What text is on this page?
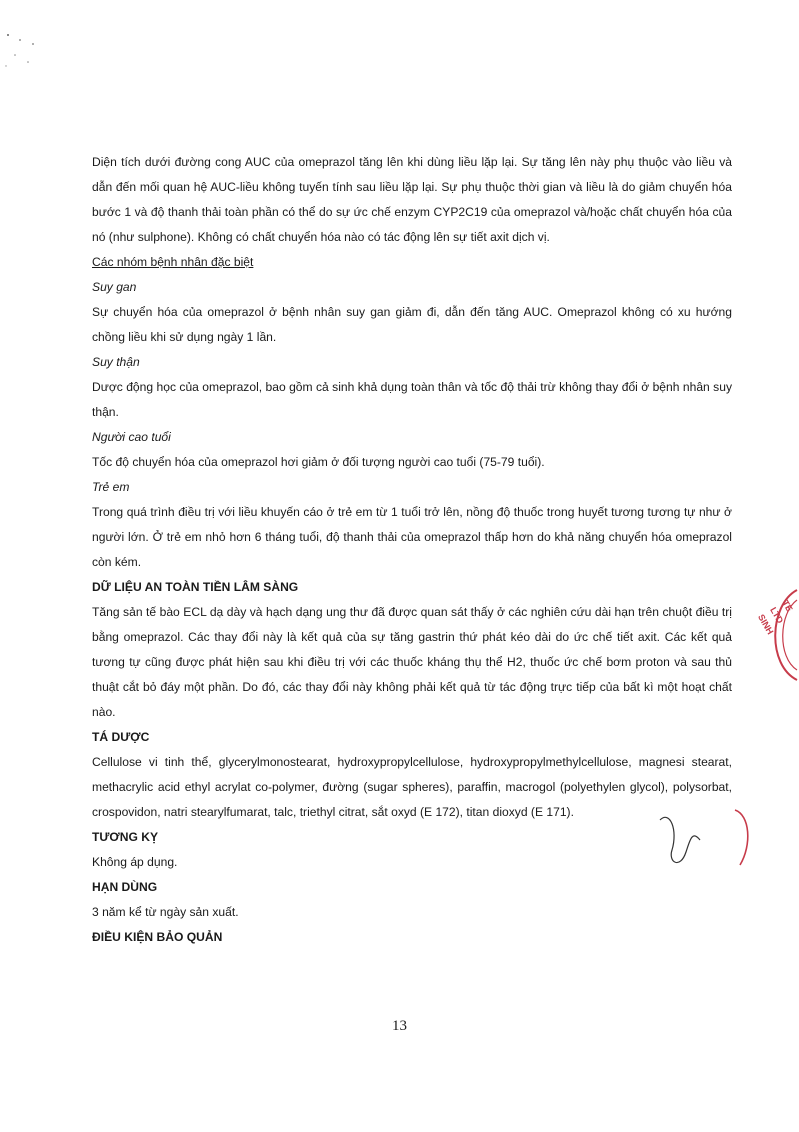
Diện tích dưới đường cong AUC của omeprazol tăng lên khi dùng liều lặp lại. Sự tăng lên này phụ thuộc vào liều và dẫn đến mối quan hệ AUC-liều không tuyến tính sau liều lặp lại. Sự phụ thuộc thời gian và liều là do giảm chuyển hóa bước 1 và độ thanh thải toàn phần có thể do sự ức chế enzym CYP2C19 của omeprazol và/hoặc chất chuyển hóa của nó (như sulphone). Không có chất chuyển hóa nào có tác động lên sự tiết axit dịch vị.

Các nhóm bệnh nhân đặc biệt

Suy gan

Sự chuyển hóa của omeprazol ở bệnh nhân suy gan giảm đi, dẫn đến tăng AUC. Omeprazol không có xu hướng chồng liều khi sử dụng ngày 1 lần.

Suy thận

Dược động học của omeprazol, bao gồm cả sinh khả dụng toàn thân và tốc độ thải trừ không thay đổi ở bệnh nhân suy thận.

Người cao tuổi

Tốc độ chuyển hóa của omeprazol hơi giảm ở đối tượng người cao tuổi (75-79 tuổi).

Trẻ em

Trong quá trình điều trị với liều khuyến cáo ở trẻ em từ 1 tuổi trở lên, nồng độ thuốc trong huyết tương tương tự như ở người lớn. Ở trẻ em nhỏ hơn 6 tháng tuổi, độ thanh thải của omeprazol thấp hơn do khả năng chuyển hóa omeprazol còn kém.

DỮ LIỆU AN TOÀN TIỀN LÂM SÀNG

Tăng sản tế bào ECL dạ dày và hạch dạng ung thư đã được quan sát thấy ở các nghiên cứu dài hạn trên chuột điều trị bằng omeprazol. Các thay đổi này là kết quả của sự tăng gastrin thứ phát kéo dài do ức chế tiết axit. Các kết quả tương tự cũng được phát hiện sau khi điều trị với các thuốc kháng thụ thể H2, thuốc ức chế bơm proton và sau thủ thuật cắt bỏ đáy một phần. Do đó, các thay đổi này không phải kết quả từ tác động trực tiếp của bất kì một hoạt chất nào.

TÁ DƯỢC

Cellulose vi tinh thể, glycerylmonostearat, hydroxypropylcellulose, hydroxypropylmethylcellulose, magnesi stearat, methacrylic acid ethyl acrylat co-polymer, đường (sugar spheres), paraffin, macrogol (polyethylen glycol), polysorbat, crospovidon, natri stearylfumarat, talc, triethyl citrat, sắt oxyd (E 172), titan dioxyd (E 171).

TƯƠNG KỴ

Không áp dụng.

HẠN DÙNG

3 năm kể từ ngày sản xuất.

ĐIỀU KIỆN BẢO QUẢN

TE LTD SINH
13
